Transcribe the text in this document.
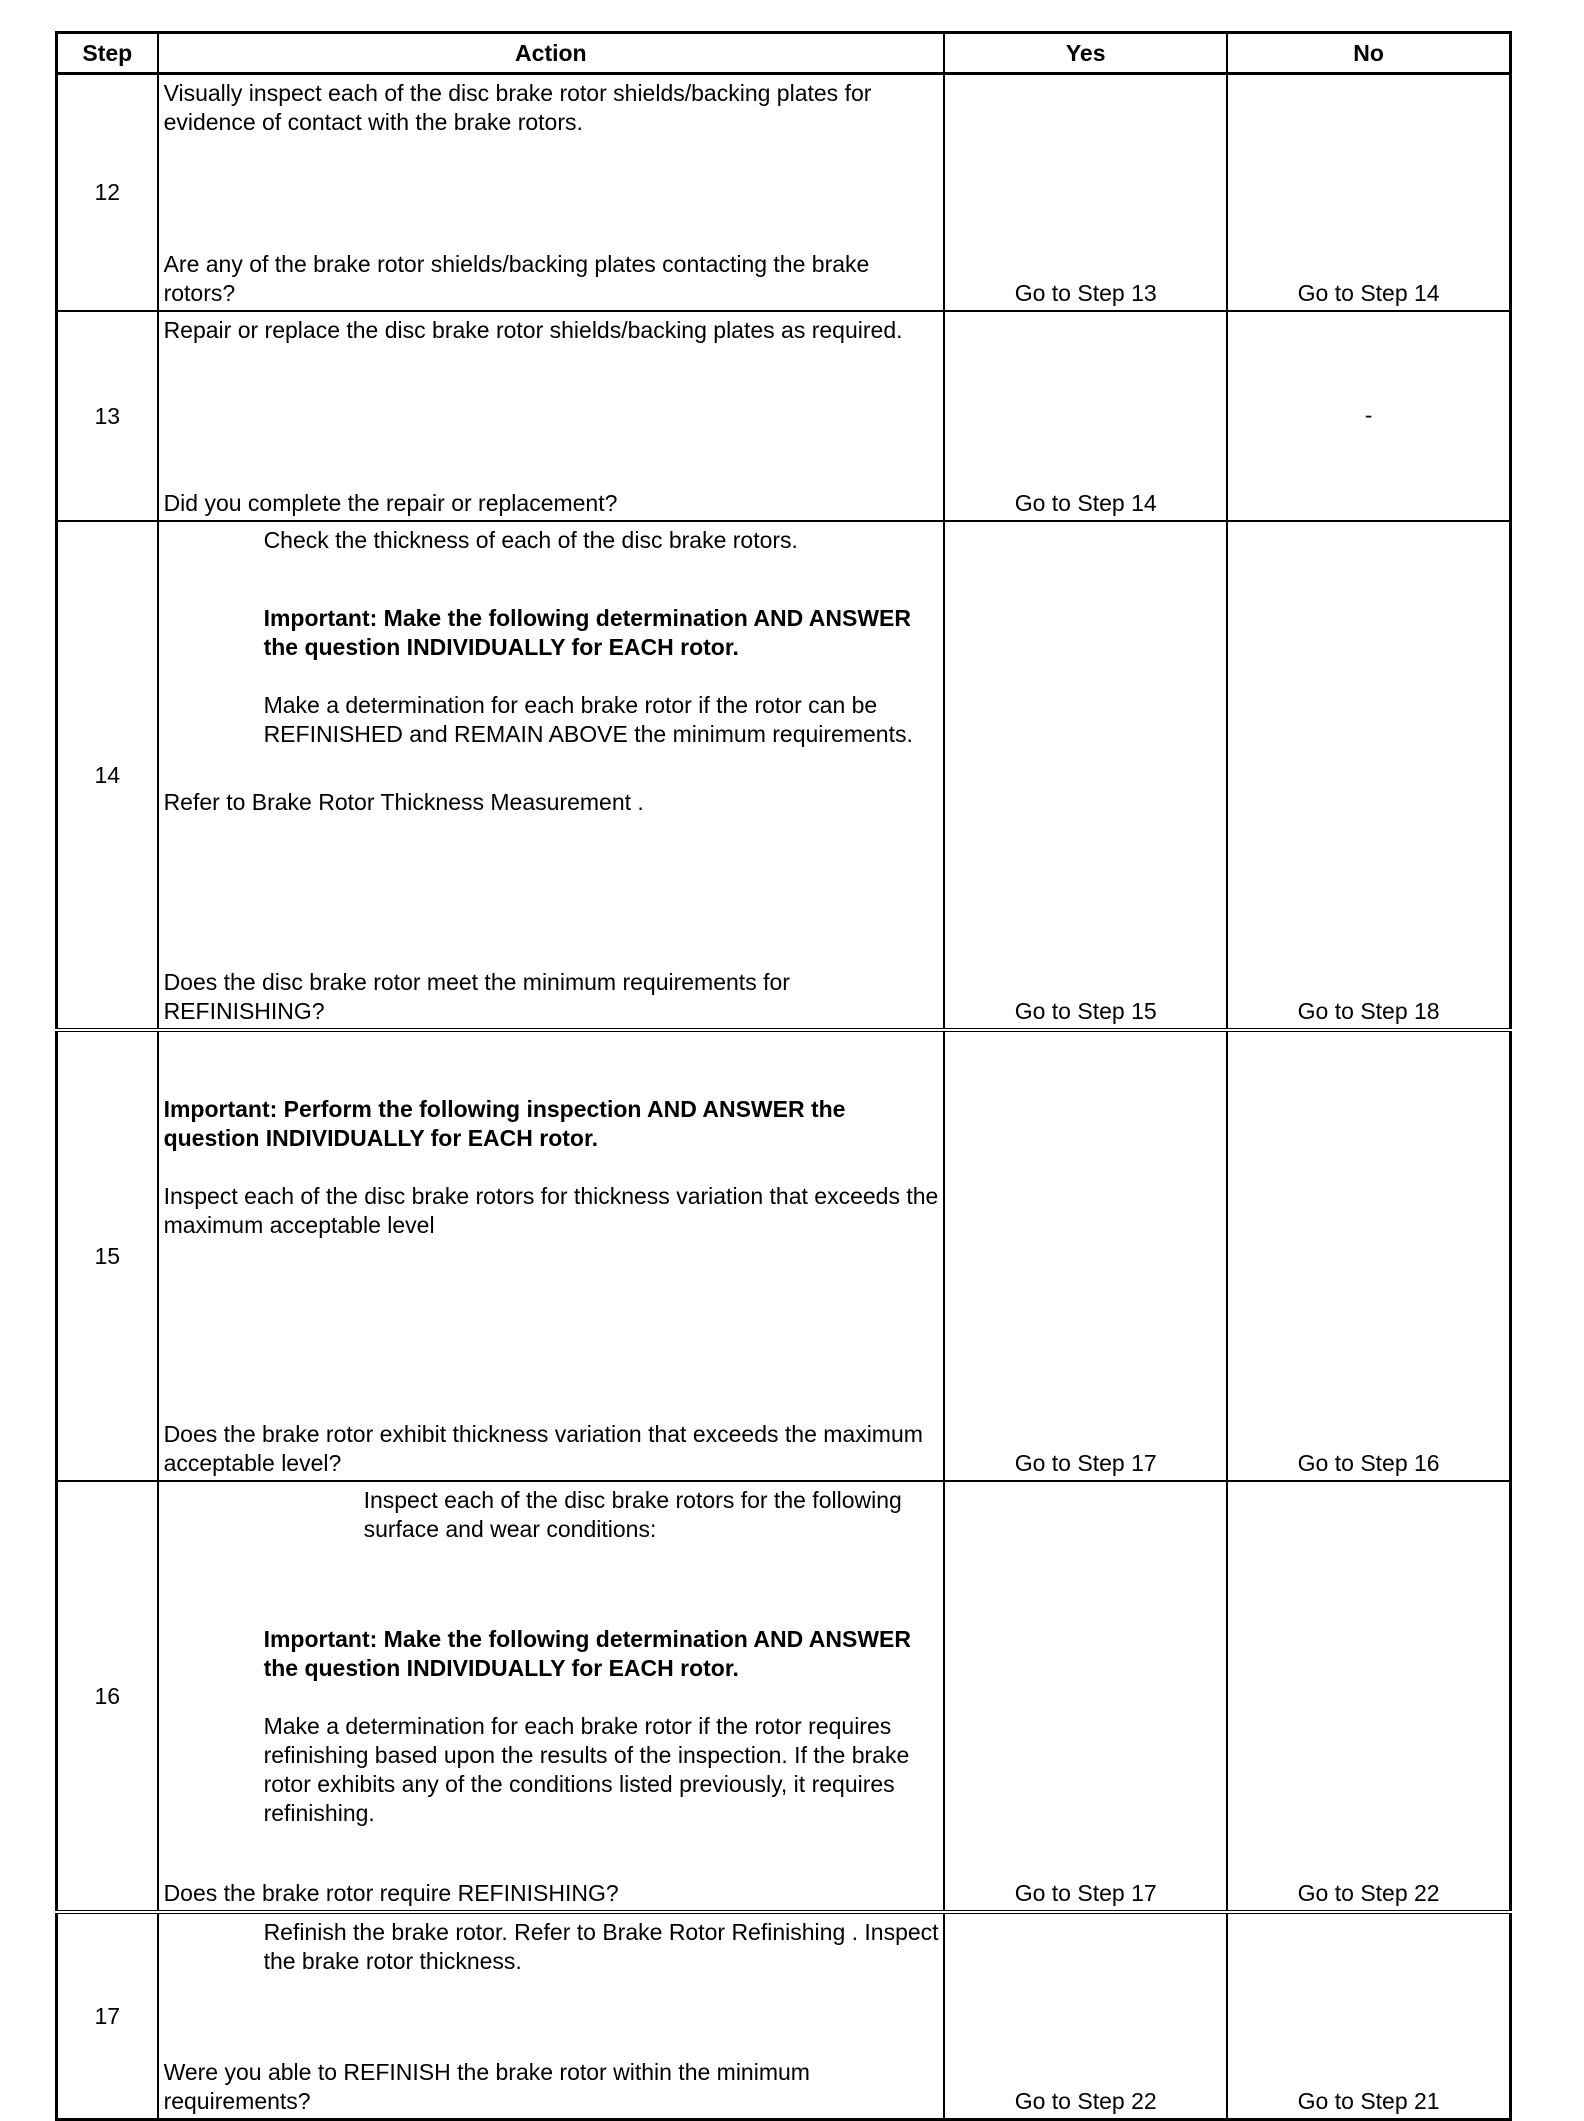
Step	Action	Yes	No
12	Visually inspect each of the disc brake rotor shields/backing plates for evidence of contact with the brake rotors.

Are any of the brake rotor shields/backing plates contacting the brake rotors?	Go to Step 13	Go to Step 14
13	Repair or replace the disc brake rotor shields/backing plates as required.

Did you complete the repair or replacement?	Go to Step 14	-
14	Check the thickness of each of the disc brake rotors.

Important: Make the following determination AND ANSWER the question INDIVIDUALLY for EACH rotor.

Make a determination for each brake rotor if the rotor can be REFINISHED and REMAIN ABOVE the minimum requirements.

Refer to Brake Rotor Thickness Measurement .

Does the disc brake rotor meet the minimum requirements for REFINISHING?	Go to Step 15	Go to Step 18
15	Important: Perform the following inspection AND ANSWER the question INDIVIDUALLY for EACH rotor.

Inspect each of the disc brake rotors for thickness variation that exceeds the maximum acceptable level

Does the brake rotor exhibit thickness variation that exceeds the maximum acceptable level?	Go to Step 17	Go to Step 16
16	Inspect each of the disc brake rotors for the following surface and wear conditions:

Important: Make the following determination AND ANSWER the question INDIVIDUALLY for EACH rotor.

Make a determination for each brake rotor if the rotor requires refinishing based upon the results of the inspection. If the brake rotor exhibits any of the conditions listed previously, it requires refinishing.

Does the brake rotor require REFINISHING?	Go to Step 17	Go to Step 22
17	Refinish the brake rotor. Refer to Brake Rotor Refinishing . Inspect the brake rotor thickness.

Were you able to REFINISH the brake rotor within the minimum requirements?	Go to Step 22	Go to Step 21
